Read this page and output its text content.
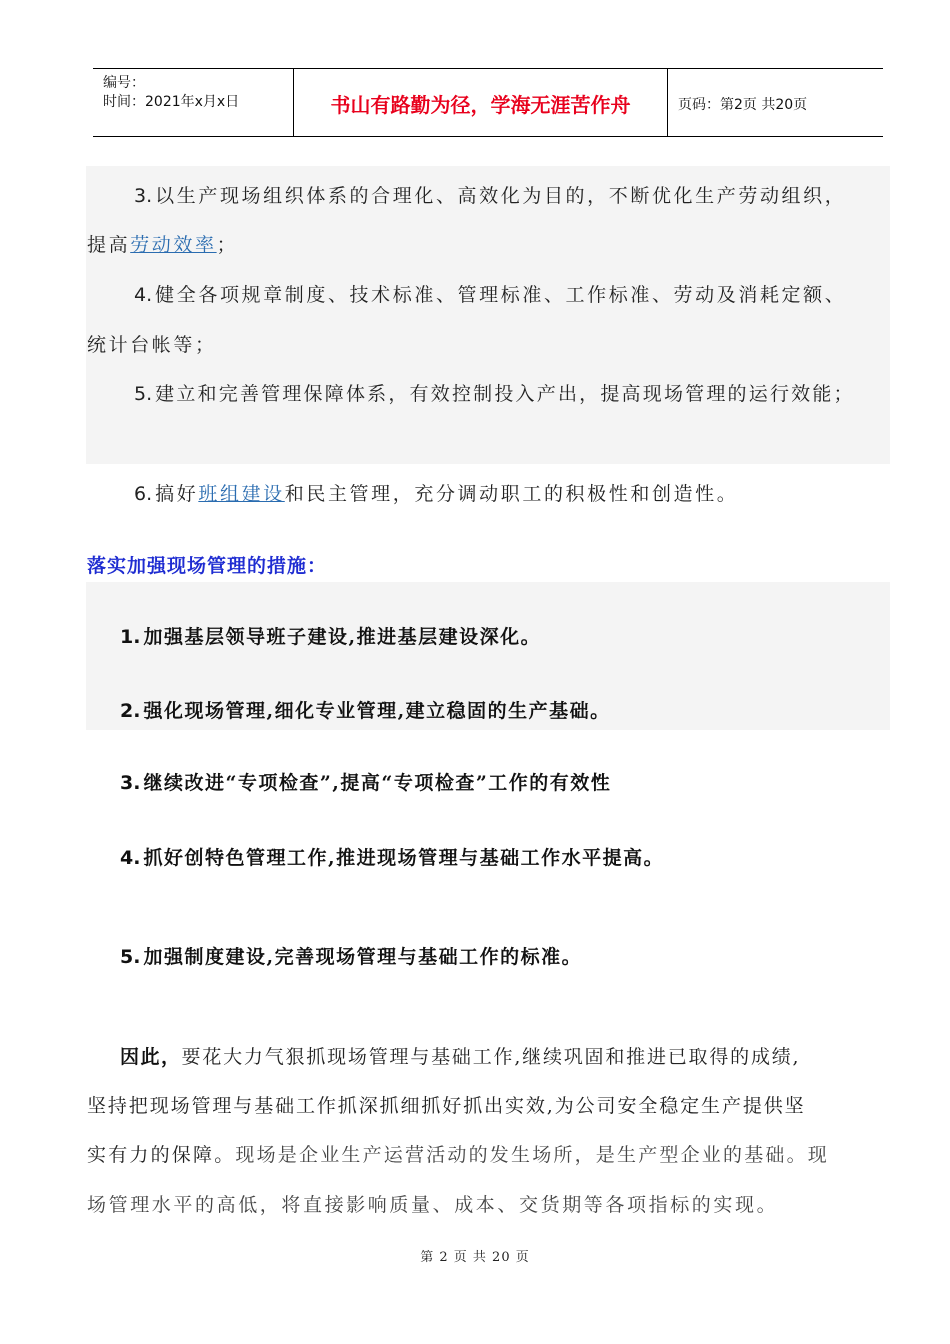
编号：
时间：2021年x月x日	书山有路勤为径，学海无涯苦作舟	页码：第2页 共20页
3. 以生产现场组织体系的合理化、高效化为目的，不断优化生产劳动组织，
提高劳动效率；
4. 健全各项规章制度、技术标准、管理标准、工作标准、劳动及消耗定额、
统计台帐等；
5. 建立和完善管理保障体系，有效控制投入产出，提高现场管理的运行效能；
6. 搞好班组建设和民主管理，充分调动职工的积极性和创造性。
落实加强现场管理的措施：
1. 加强基层领导班子建设,推进基层建设深化。
2. 强化现场管理,细化专业管理,建立稳固的生产基础。
3. 继续改进“专项检查”,提高“专项检查”工作的有效性
4. 抓好创特色管理工作,推进现场管理与基础工作水平提高。
5. 加强制度建设,完善现场管理与基础工作的标准。
因此，要花大力气狠抓现场管理与基础工作,继续巩固和推进已取得的成绩,
坚持把现场管理与基础工作抓深抓细抓好抓出实效,为公司安全稳定生产提供坚
实有力的保障。现场是企业生产运营活动的发生场所，是生产型企业的基础。现
场管理水平的高低，将直接影响质量、成本、交货期等各项指标的实现。
第 2 页 共 20 页
